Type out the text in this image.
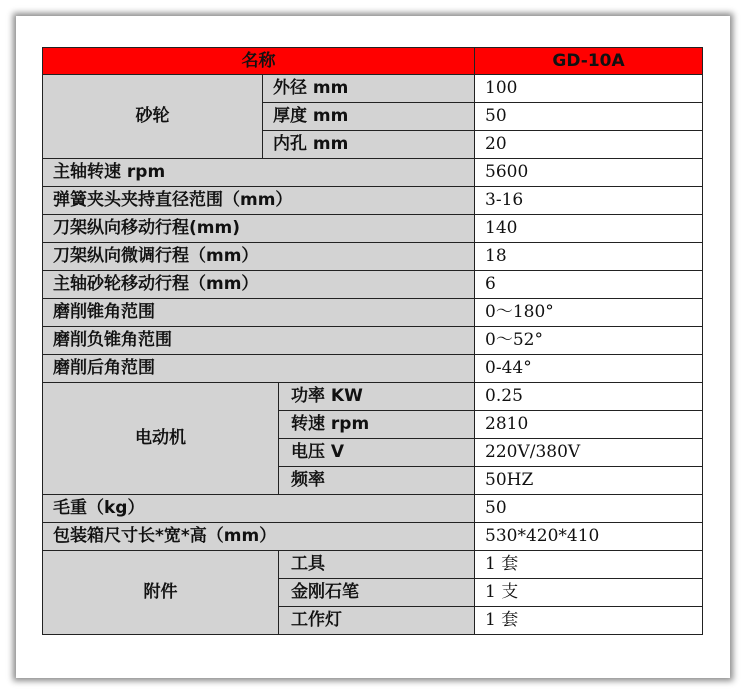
名称			GD-10A
砂轮	外径 mm		100
	厚度 mm		50
	内孔 mm		20
主轴转速 rpm			5600
弹簧夹头夹持直径范围（mm）			3-16
刀架纵向移动行程(mm)			140
刀架纵向微调行程（mm）			18
主轴砂轮移动行程（mm）			6
磨削锥角范围			0～180°
磨削负锥角范围			0～52°
磨削后角范围			0-44°
电动机		功率 KW	0.25
		转速 rpm	2810
		电压 V	220V/380V
		频率	50HZ
毛重（kg）			50
包装箱尺寸长*宽*高（mm）			530*420*410
附件		工具	1 套
		金刚石笔	1 支
		工作灯	1 套
